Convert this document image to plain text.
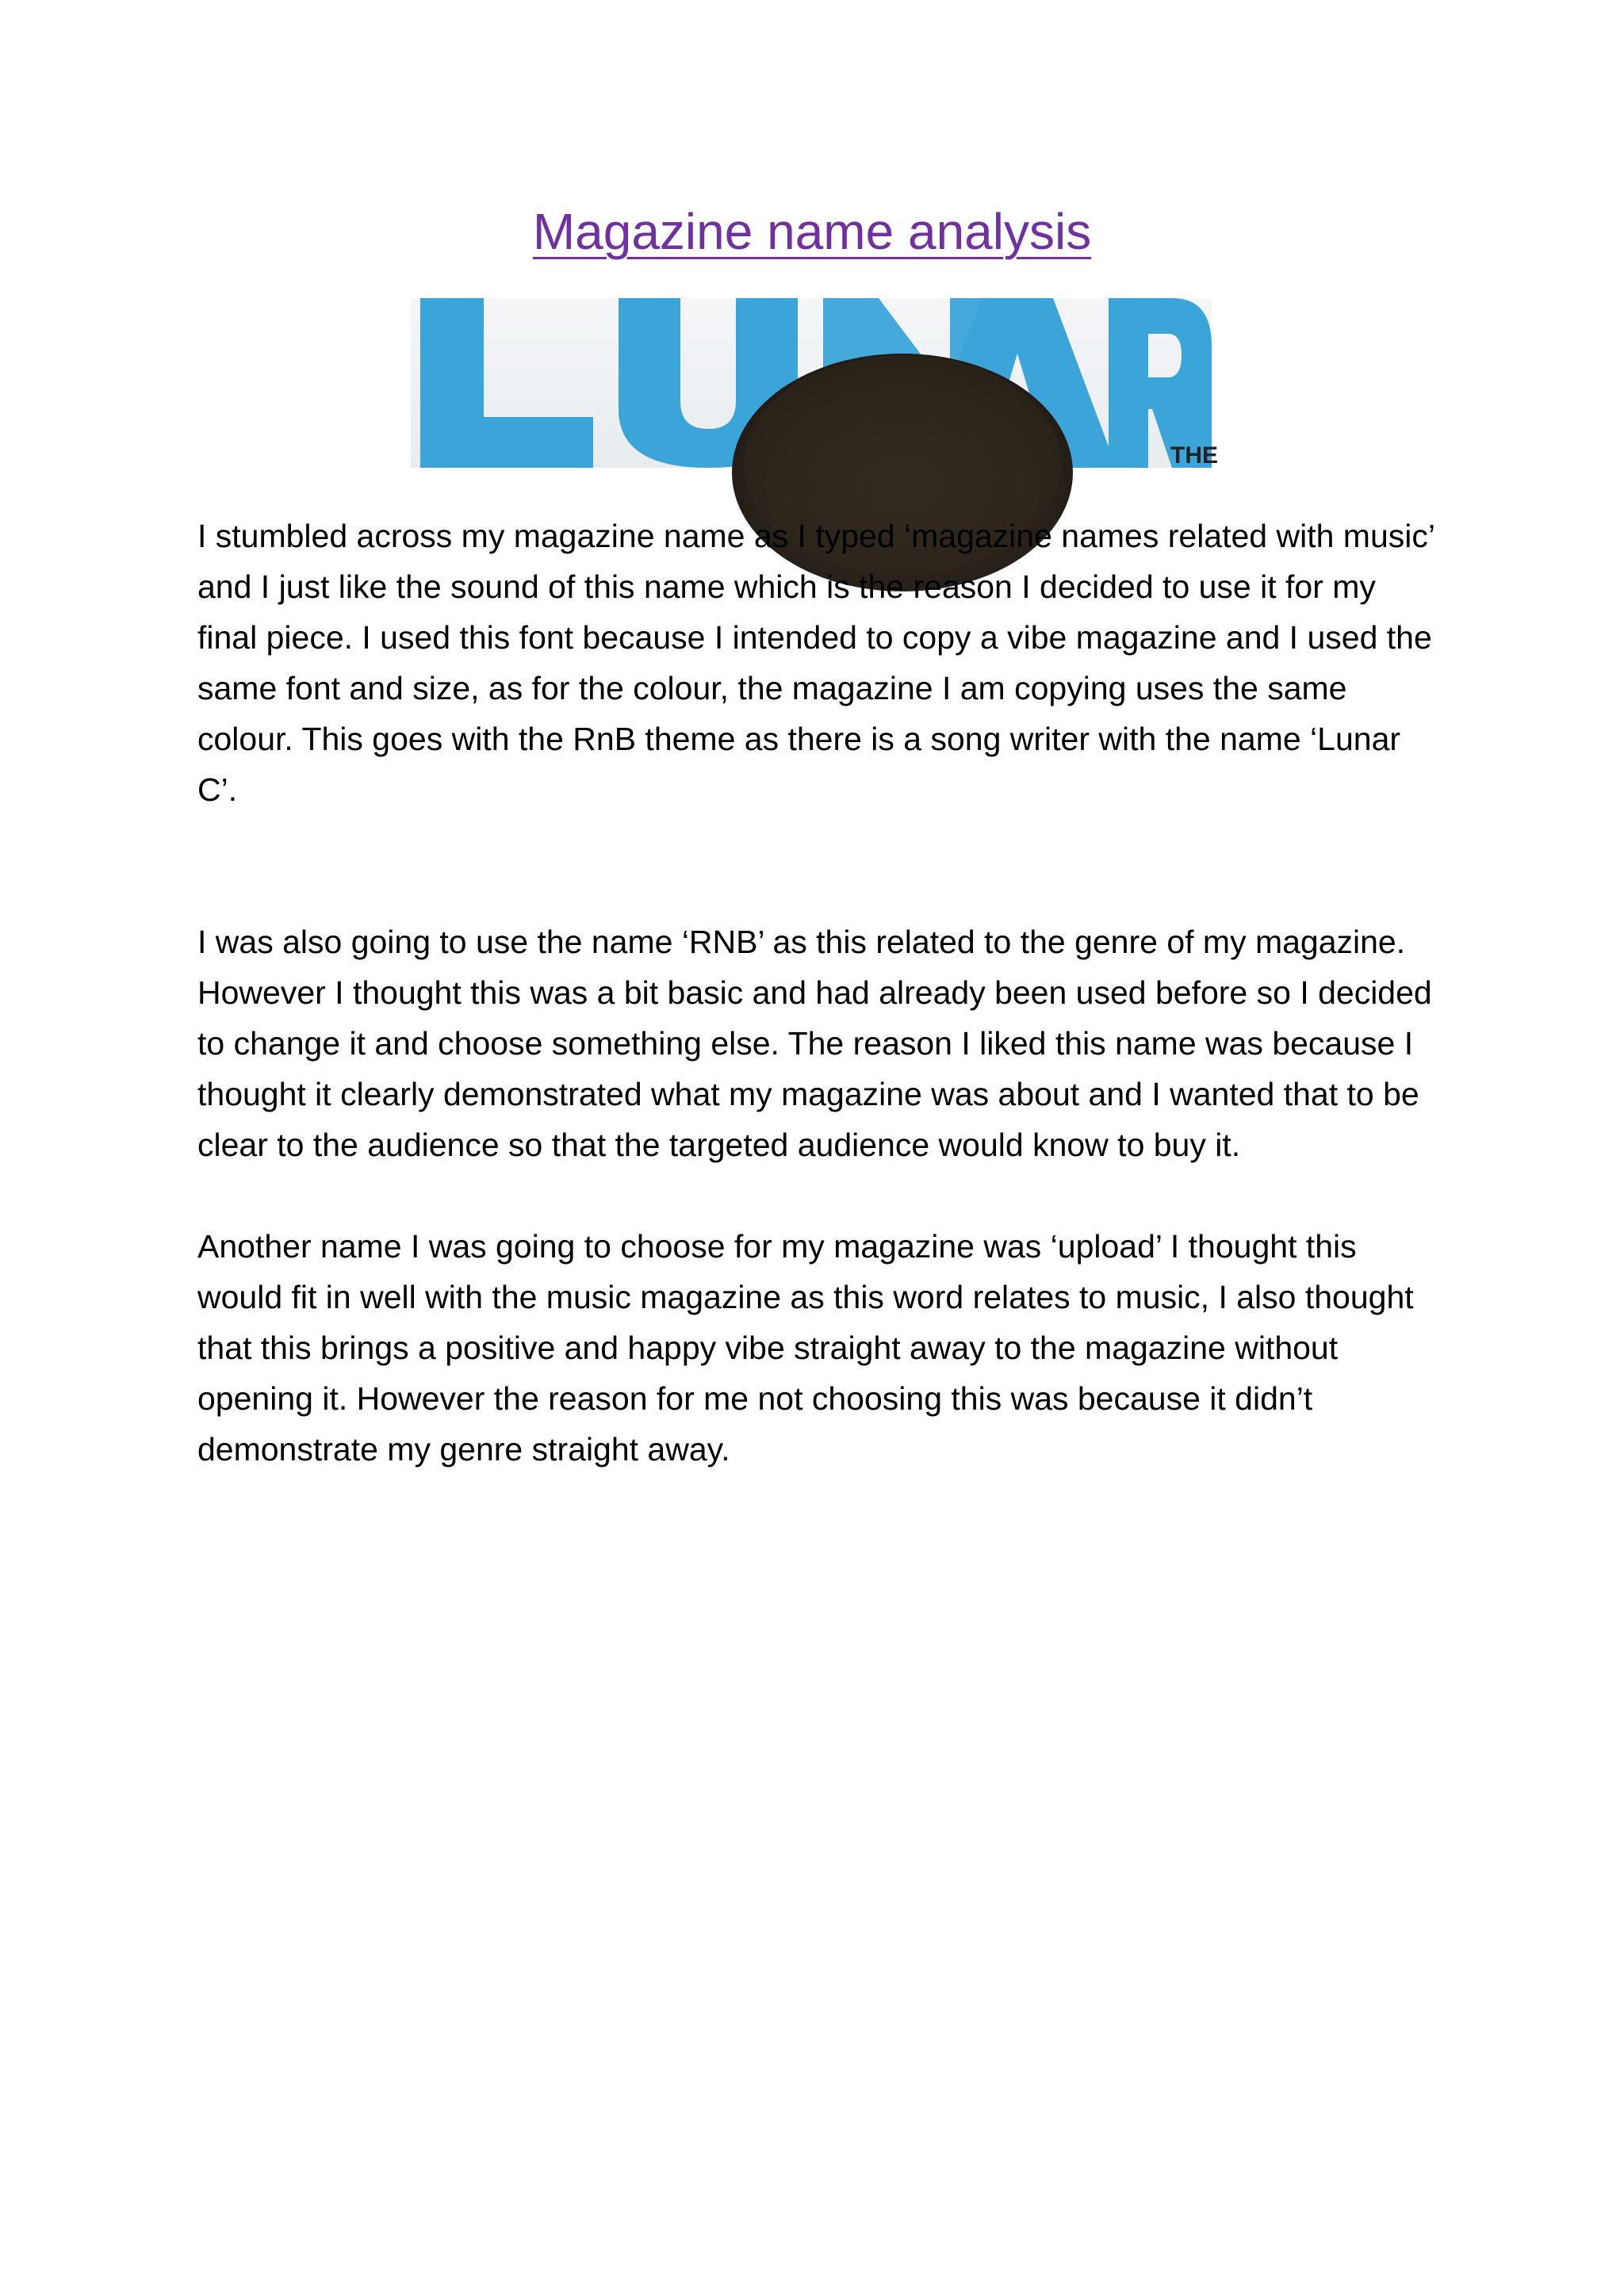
Magazine name analysis
THE

I stumbled across my magazine name as I typed ‘magazine names related with music’ and I just like the sound of this name which is the reason I decided to use it for my final piece. I used this font because I intended to copy a vibe magazine and I used the same font and size, as for the colour, the magazine I am copying uses the same colour. This goes with the RnB theme as there is a song writer with the name ‘Lunar C’.

I was also going to use the name ‘RNB’ as this related to the genre of my magazine. However I thought this was a bit basic and had already been used before so I decided to change it and choose something else. The reason I liked this name was because I thought it clearly demonstrated what my magazine was about and I wanted that to be clear to the audience so that the targeted audience would know to buy it.

Another name I was going to choose for my magazine was ‘upload’ I thought this would fit in well with the music magazine as this word relates to music, I also thought that this brings a positive and happy vibe straight away to the magazine without opening it. However the reason for me not choosing this was because it didn’t demonstrate my genre straight away.
